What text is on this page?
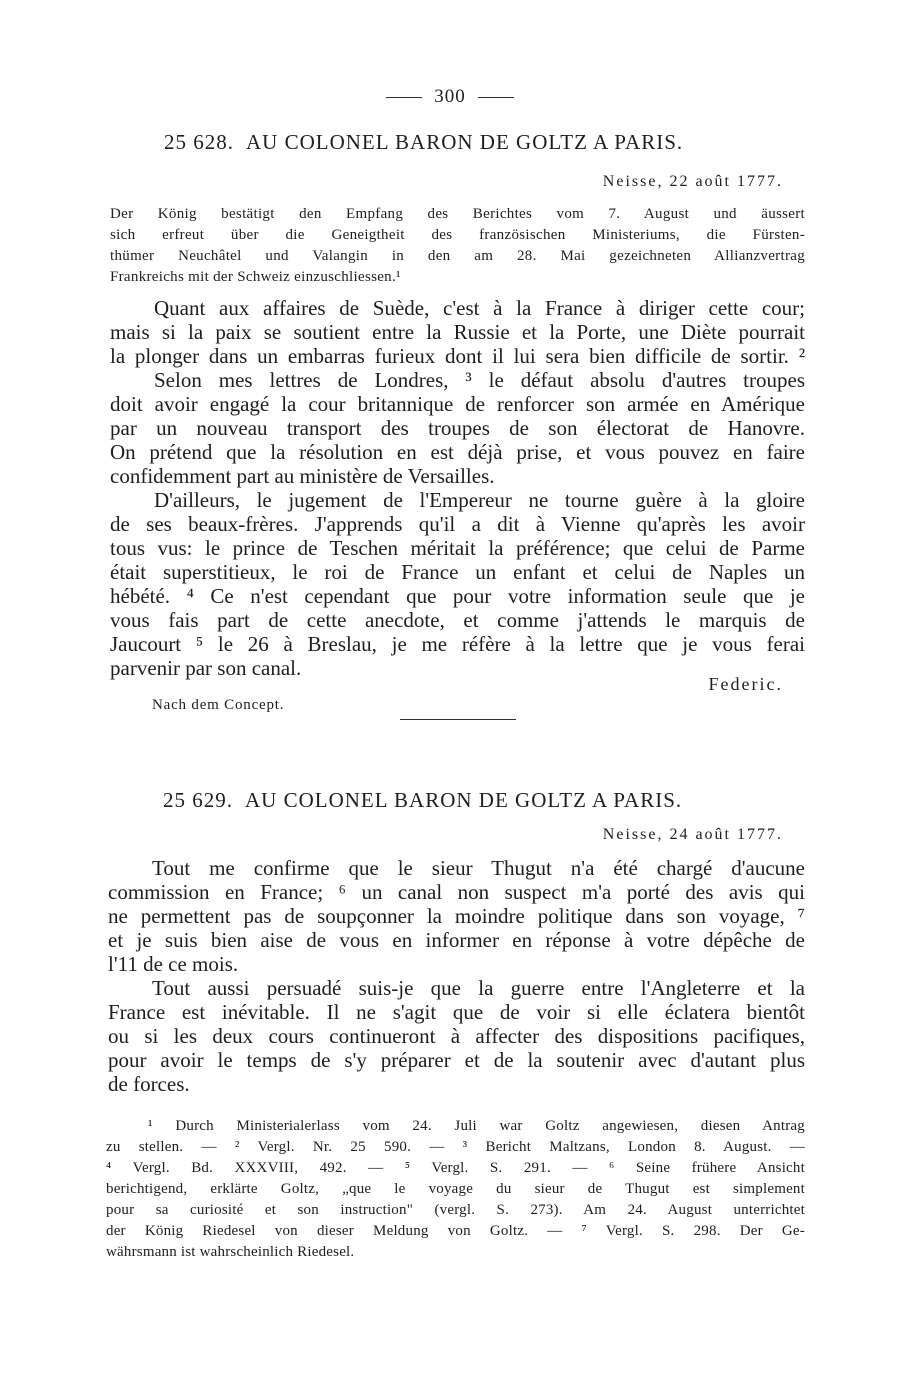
300
25 628. AU COLONEL BARON DE GOLTZ A PARIS.
Neisse, 22 août 1777.
Der König bestätigt den Empfang des Berichtes vom 7. August und äussert
sich erfreut über die Geneigtheit des französischen Ministeriums, die Fürsten-
thümer Neuchâtel und Valangin in den am 28. Mai gezeichneten Allianzvertrag
Frankreichs mit der Schweiz einzuschliessen.¹
Quant aux affaires de Suède, c'est à la France à diriger cette cour;
mais si la paix se soutient entre la Russie et la Porte, une Diète pourrait
la plonger dans un embarras furieux dont il lui sera bien difficile de sortir. ²
Selon mes lettres de Londres, ³ le défaut absolu d'autres troupes
doit avoir engagé la cour britannique de renforcer son armée en Amérique
par un nouveau transport des troupes de son électorat de Hanovre.
On prétend que la résolution en est déjà prise, et vous pouvez en faire
confidemment part au ministère de Versailles.
D'ailleurs, le jugement de l'Empereur ne tourne guère à la gloire
de ses beaux-frères. J'apprends qu'il a dit à Vienne qu'après les avoir
tous vus: le prince de Teschen méritait la préférence; que celui de Parme
était superstitieux, le roi de France un enfant et celui de Naples un
hébété. ⁴ Ce n'est cependant que pour votre information seule que je
vous fais part de cette anecdote, et comme j'attends le marquis de
Jaucourt ⁵ le 26 à Breslau, je me réfère à la lettre que je vous ferai
parvenir par son canal.
Federic.
Nach dem Concept.
25 629. AU COLONEL BARON DE GOLTZ A PARIS.
Neisse, 24 août 1777.
Tout me confirme que le sieur Thugut n'a été chargé d'aucune
commission en France; ⁶ un canal non suspect m'a porté des avis qui
ne permettent pas de soupçonner la moindre politique dans son voyage, ⁷
et je suis bien aise de vous en informer en réponse à votre dépêche de
l'11 de ce mois.
Tout aussi persuadé suis-je que la guerre entre l'Angleterre et la
France est inévitable. Il ne s'agit que de voir si elle éclatera bientôt
ou si les deux cours continueront à affecter des dispositions pacifiques,
pour avoir le temps de s'y préparer et de la soutenir avec d'autant plus
de forces.
¹ Durch Ministerialerlass vom 24. Juli war Goltz angewiesen, diesen Antrag
zu stellen. — ² Vergl. Nr. 25 590. — ³ Bericht Maltzans, London 8. August. —
⁴ Vergl. Bd. XXXVIII, 492. — ⁵ Vergl. S. 291. — ⁶ Seine frühere Ansicht
berichtigend, erklärte Goltz, „que le voyage du sieur de Thugut est simplement
pour sa curiosité et son instruction" (vergl. S. 273). Am 24. August unterrichtet
der König Riedesel von dieser Meldung von Goltz. — ⁷ Vergl. S. 298. Der Ge-
währsmann ist wahrscheinlich Riedesel.
